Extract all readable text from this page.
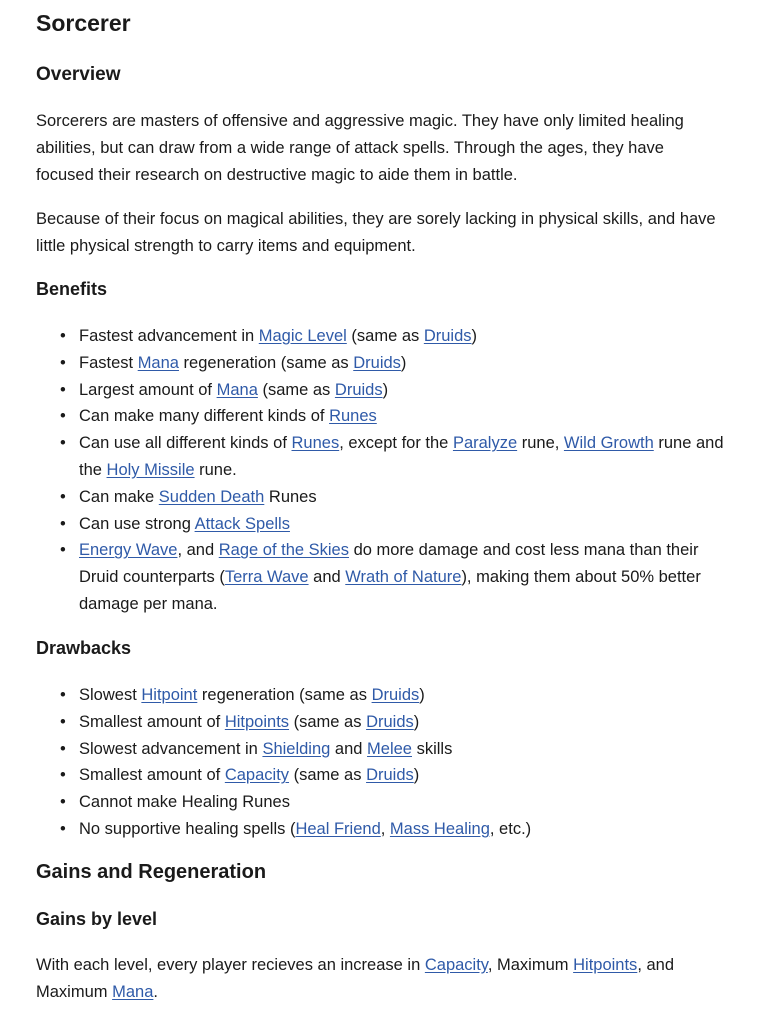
Sorcerer
Overview

Sorcerers are masters of offensive and aggressive magic. They have only limited healing abilities, but can draw from a wide range of attack spells. Through the ages, they have focused their research on destructive magic to aide them in battle.

Because of their focus on magical abilities, they are sorely lacking in physical skills, and have little physical strength to carry items and equipment.

Benefits
• Fastest advancement in Magic Level (same as Druids)
• Fastest Mana regeneration (same as Druids)
• Largest amount of Mana (same as Druids)
• Can make many different kinds of Runes
• Can use all different kinds of Runes, except for the Paralyze rune, Wild Growth rune and the Holy Missile rune.
• Can make Sudden Death Runes
• Can use strong Attack Spells
• Energy Wave, and Rage of the Skies do more damage and cost less mana than their Druid counterparts (Terra Wave and Wrath of Nature), making them about 50% better damage per mana.
Drawbacks
• Slowest Hitpoint regeneration (same as Druids)
• Smallest amount of Hitpoints (same as Druids)
• Slowest advancement in Shielding and Melee skills
• Smallest amount of Capacity (same as Druids)
• Cannot make Healing Runes
• No supportive healing spells (Heal Friend, Mass Healing, etc.)
Gains and Regeneration
Gains by level

With each level, every player recieves an increase in Capacity, Maximum Hitpoints, and Maximum Mana.
